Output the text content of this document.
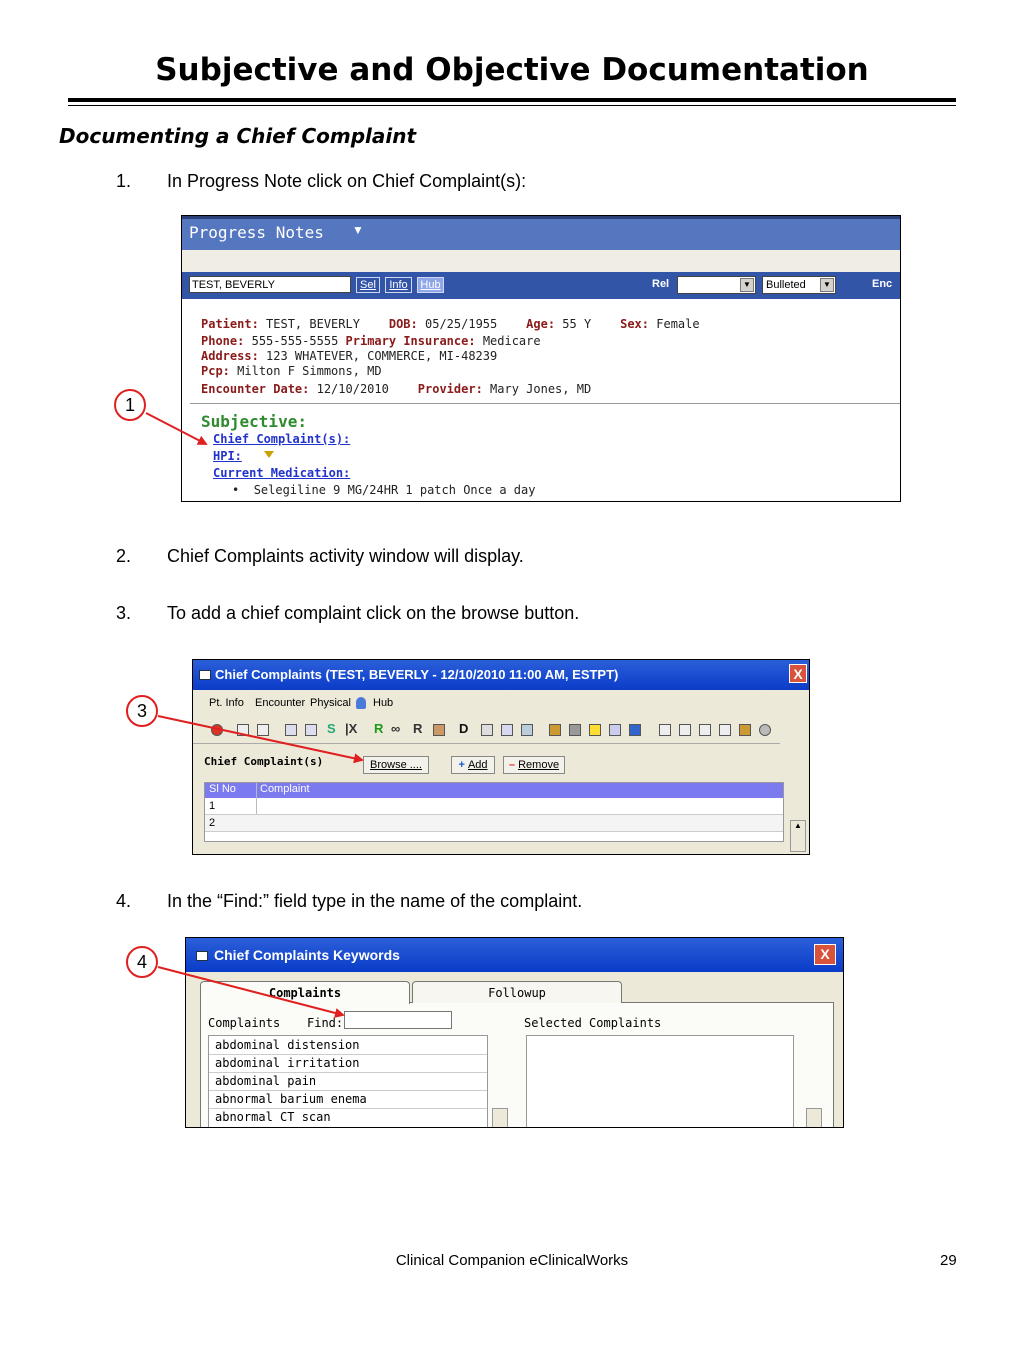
Subjective and Objective Documentation
Documenting a Chief Complaint
1. In Progress Note click on Chief Complaint(s):
Progress Notes ▼
TEST, BEVERLY	Sel	Info	Hub	Rel	▼	Bulleted	▼	Enc
Patient: TEST, BEVERLY DOB: 05/25/1955 Age: 55 Y Sex: Female
Phone: 555-555-5555 Primary Insurance: Medicare
Address: 123 WHATEVER, COMMERCE, MI-48239
Pcp: Milton F Simmons, MD
Encounter Date: 12/10/2010 Provider: Mary Jones, MD
Subjective:
Chief Complaint(s):
HPI:
Current Medication:
•  Selegiline 9 MG/24HR 1 patch Once a day
2. Chief Complaints activity window will display.
3. To add a chief complaint click on the browse button.
Chief Complaints (TEST, BEVERLY - 12/10/2010 11:00 AM, ESTPT)	X
Pt. Info Encounter Physical Hub
S |X R ∞ R	D
Chief Complaint(s)	Browse ....	+ Add	– Remove
Sl No Complaint
1
2	▲
4. In the “Find:” field type in the name of the complaint.
Chief Complaints Keywords	X
Complaints	Followup
Complaints Find:	Selected Complaints
abdominal distension
abdominal irritation
abdominal pain
abnormal barium enema
abnormal CT scan
1
3
4
Clinical Companion eClinicalWorks	29
